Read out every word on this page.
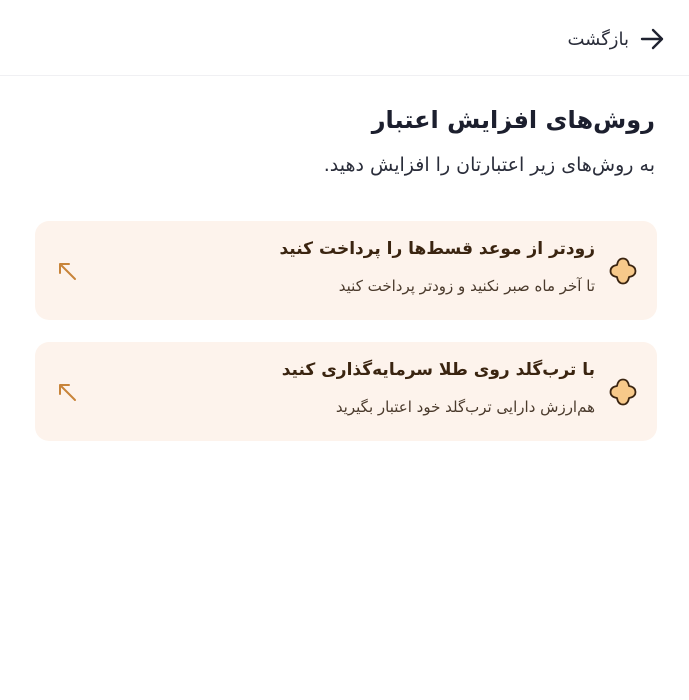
بازگشت
روش‌های افزایش اعتبار

به روش‌های زیر اعتبارتان را افزایش دهید.

زودتر از موعد قسط‌ها را پرداخت کنید
تا آخر ماه صبر نکنید و زودتر پرداخت کنید
با ترب‌گلد روی طلا سرمایه‌گذاری کنید
هم‌ارزش دارایی ترب‌گلد خود اعتبار بگیرید
